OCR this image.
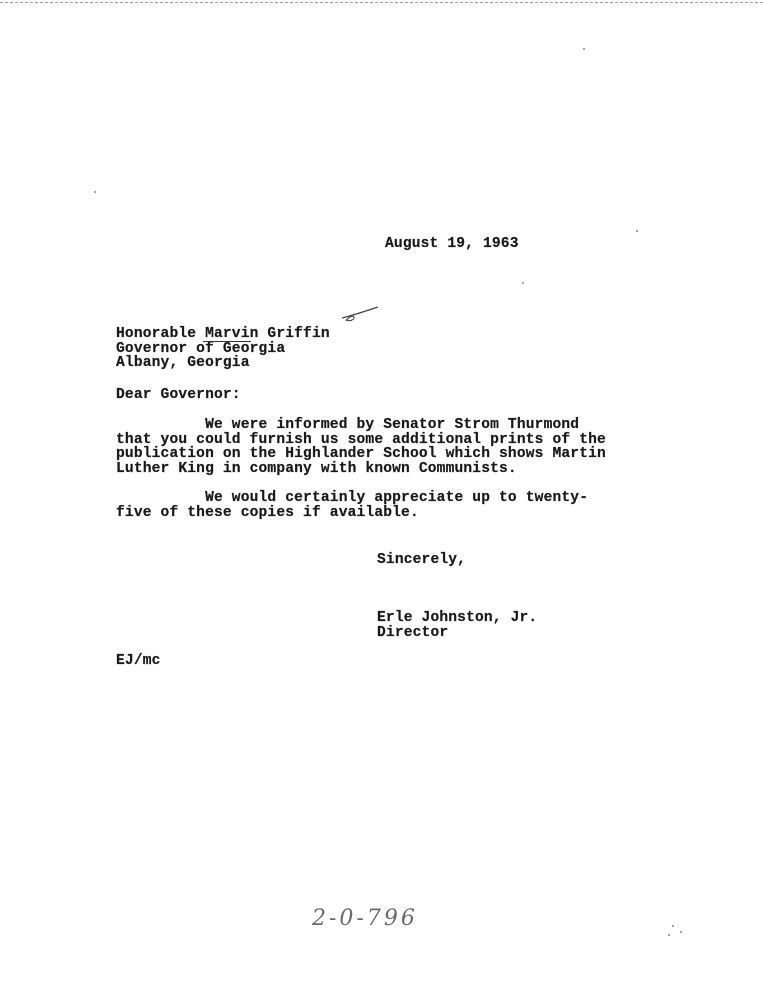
August 19, 1963
Honorable Marvin Griffin
Governor of Georgia
Albany, Georgia
Dear Governor:
We were informed by Senator Strom Thurmond
that you could furnish us some additional prints of the
publication on the Highlander School which shows Martin
Luther King in company with known Communists.
We would certainly appreciate up to twenty-
five of these copies if available.
Sincerely,
Erle Johnston, Jr.
Director
EJ/mc
2-0-796
